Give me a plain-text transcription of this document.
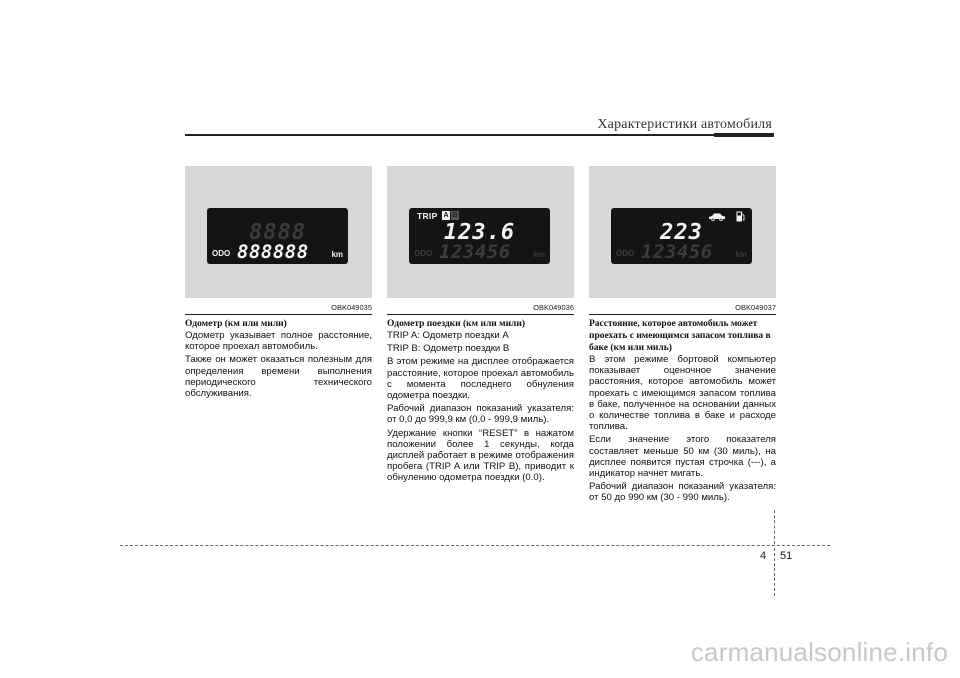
Характеристики автомобиля
8888
ODO 888888	km
OBK049035
Одометр (км или мили)

Одометр указывает полное расстояние, которое проехал автомобиль.

Также он может оказаться полезным для определения времени выполнения периодического технического обслуживания.

TRIP A B
123.6
ODO 123456	km
OBK049036
Одометр поездки (км или мили)

TRIP A: Одометр поездки A

TRIP B: Одометр поездки B

В этом режиме на дисплее отображается расстояние, которое проехал автомобиль с момента последнего обнуления одометра поездки.

Рабочий диапазон показаний указателя: от 0,0 до 999,9 км (0,0 - 999,9 миль).

Удержание кнопки “RESET” в нажатом положении более 1 секунды, когда дисплей работает в режиме отображения пробега (TRIP A или TRIP B), приводит к обнулению одометра поездки (0.0).

223
ODO 123456	km
OBK049037
Расстояние, которое автомобиль может проехать с имеющимся запасом топлива в баке (км или миль)

В этом режиме бортовой компьютер показывает оценочное значение расстояния, которое автомобиль может проехать с имеющимся запасом топлива в баке, полученное на основании данных о количестве топлива в баке и расходе топлива.

Если значение этого показателя составляет меньше 50 км (30 миль), на дисплее появится пустая строчка (---), а индикатор начнет мигать.

Рабочий диапазон показаний указателя: от 50 до 990 км (30 - 990 миль).

4 51
carmanualsonline.info
